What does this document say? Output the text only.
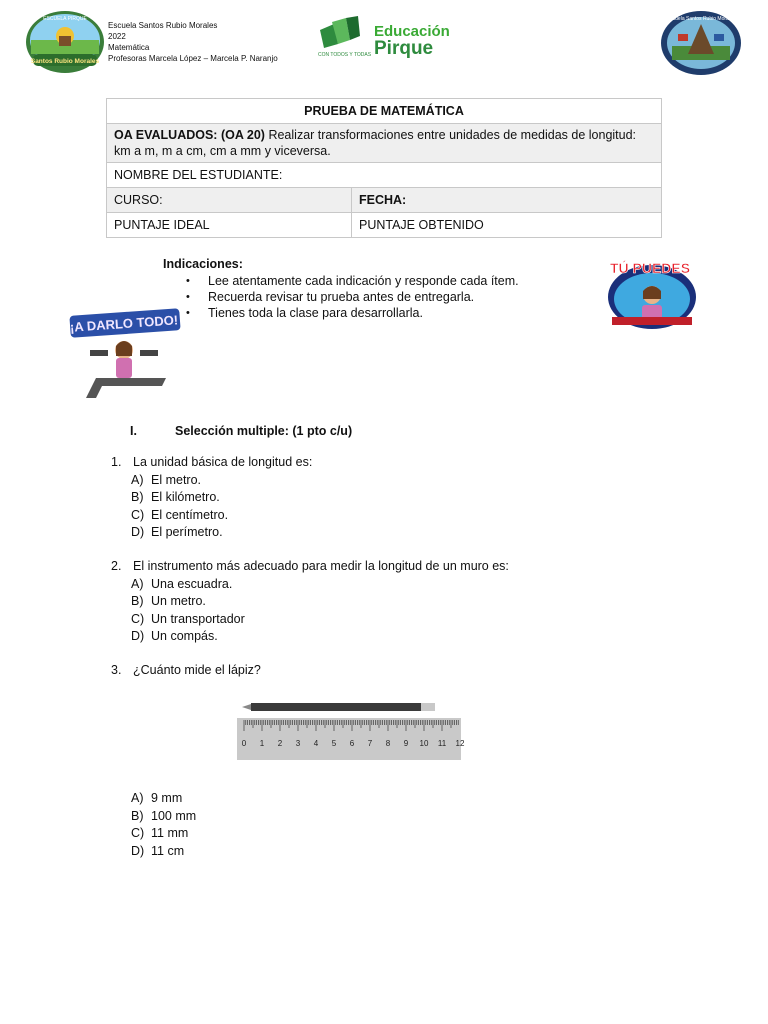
ESCUELA PIRQUE
Santos Rubio Morales
Escuela Santos Rubio Morales
2022
Matemática
Profesoras Marcela López – Marcela P. Naranjo
Educación
Pirque
CON TODOS Y TODAS
Escuela Santos Rubio Morales
PRUEBA DE MATEMÁTICA	
OA EVALUADOS: (OA 20) Realizar transformaciones entre unidades de medidas de longitud: km a m, m a cm, cm a mm y viceversa.	
NOMBRE DEL ESTUDIANTE:	
CURSO:	FECHA:
PUNTAJE IDEAL	PUNTAJE OBTENIDO
Indicaciones:
• Lee atentamente cada indicación y responde cada ítem.
• Recuerda revisar tu prueba antes de entregarla.
• Tienes toda la clase para desarrollarla.
¡A DARLO TODO!
TÚ PUEDES
I.	Selección multiple: (1 pto c/u)
1. La unidad básica de longitud es:
A) El metro.
B) El kilómetro.
C) El centímetro.
D) El perímetro.
2. El instrumento más adecuado para medir la longitud de un muro es:
A) Una escuadra.
B) Un metro.
C) Un transportador
D) Un compás.
3. ¿Cuánto mide el lápiz?
0 1 2 3 4 5 6 7 8 9 10 11 12
A) 9 mm
B) 100 mm
C) 11 mm
D) 11 cm
